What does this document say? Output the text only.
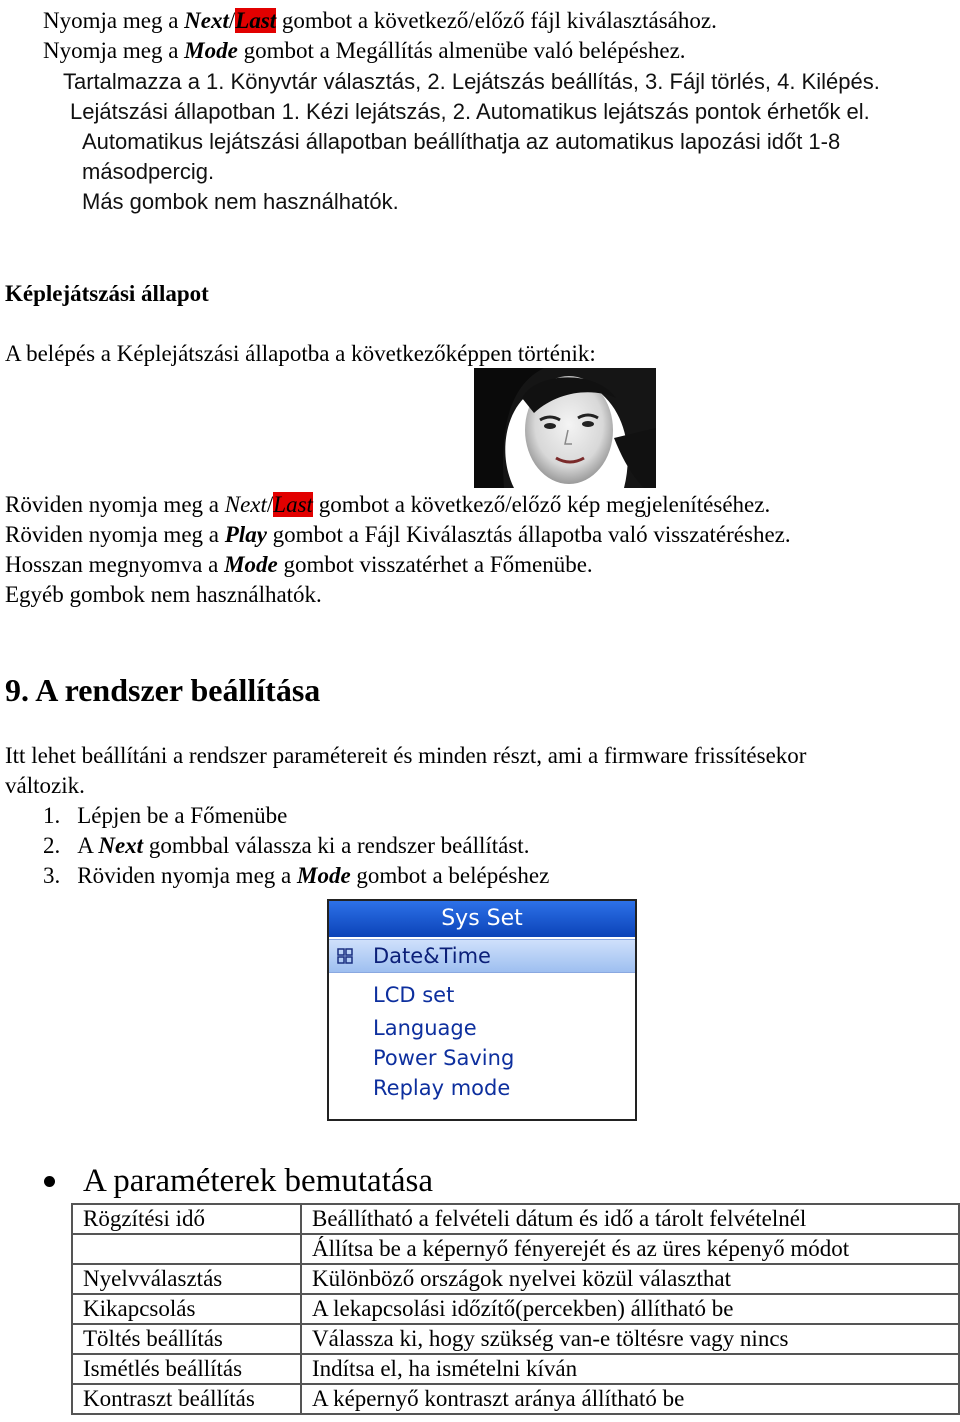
Nyomja meg a Next/Last gombot a következő/előző fájl kiválasztásához.
Nyomja meg a Mode gombot a Megállítás almenübe való belépéshez.
Tartalmazza a 1. Könyvtár választás, 2. Lejátszás beállítás, 3. Fájl törlés, 4. Kilépés.
Lejátszási állapotban 1. Kézi lejátszás, 2. Automatikus lejátszás pontok érhetők el.
Automatikus lejátszási állapotban beállíthatja az automatikus lapozási időt 1-8
másodpercig.
Más gombok nem használhatók.
Képlejátszási állapot
A belépés a Képlejátszási állapotba a következőképpen történik:
Röviden nyomja meg a Next/Last gombot a következő/előző kép megjelenítéséhez.
Röviden nyomja meg a Play gombot a Fájl Kiválasztás állapotba való visszatéréshez.
Hosszan megnyomva a Mode gombot visszatérhet a Főmenübe.
Egyéb gombok nem használhatók.
9. A rendszer beállítása
Itt lehet beállítáni a rendszer paramétereit és minden részt, ami a firmware frissítésekor
változik.
1. Lépjen be a Főmenübe
2. A Next gombbal válassza ki a rendszer beállítást.
3. Röviden nyomja meg a Mode gombot a belépéshez
Sys Set
Date&Time
LCD set
Language
Power Saving
Replay mode
A paraméterek bemutatása
Rögzítési idő	Beállítható a felvételi dátum és idő a tárolt felvételnél
	Állítsa be a képernyő fényerejét és az üres képenyő módot
Nyelvválasztás	Különböző országok nyelvei közül választhat
Kikapcsolás	A lekapcsolási időzítő(percekben) állítható be
Töltés beállítás	Válassza ki, hogy szükség van-e töltésre vagy nincs
Ismétlés beállítás	Indítsa el, ha ismételni kíván
Kontraszt beállítás	A képernyő kontraszt aránya állítható be
